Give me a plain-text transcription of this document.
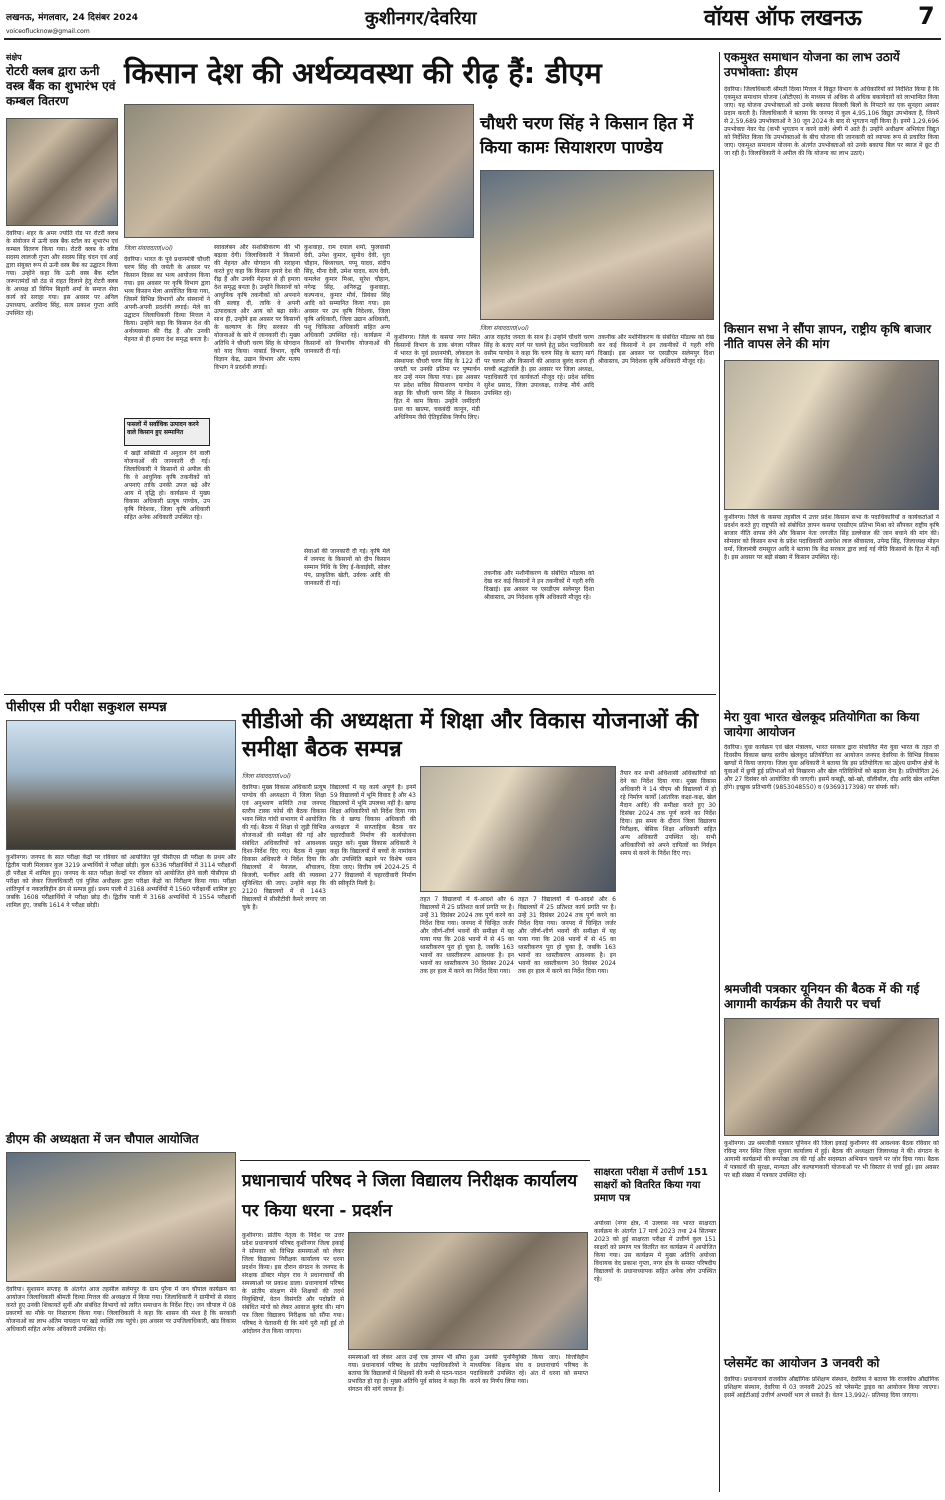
लखनऊ, मंगलवार, 24 दिसंबर 2024
voiceoflucknow@gmail.com
कुशीनगर/देवरिया	वॉयस ऑफ लखनऊ 7
संक्षेप
रोटरी क्लब द्वारा ऊनी वस्त्र बैंक का शुभारंभ एवं कम्बल वितरण
देवरिया। शहर के अमर ज्योति रोड पर रोटरी क्लब के संयोजन में ऊनी वस्त्र बैंक स्टॉल का शुभारंभ एवं कम्बल वितरण किया गया। रोटरी क्लब के वरिष्ठ सदस्य लालजी गुप्ता और सदस्य सिंह चंदन एवं आई द्वारा संयुक्त रूप से ऊनी वस्त्र बैंक का उद्घाटन किया गया। उन्होंने कहा कि ऊनी वस्त्र बैंक स्टॉल जरूरतमंदों को ठंड से राहत दिलाने हेतु रोटरी क्लब के अध्यक्ष डॉ विपिन बिहारी शर्मा के समाज सेवा कार्य को सराहा गया। इस अवसर पर अनिल उपाध्याय, अरविन्द सिंह, सत्य प्रकाश गुप्ता आदि उपस्थित रहे।
किसान देश की अर्थव्यवस्था की रीढ़ हैं: डीएम
चौधरी चरण सिंह ने किसान हित में किया कामः सियाशरण पाण्डेय
जिला संवाददाता(vol)
देवरिया। भारत के पूर्व प्रधानमंत्री चौधरी चरण सिंह की जयंती के अवसर पर किसान दिवस का भव्य आयोजन किया गया। इस अवसर पर कृषि विभाग द्वारा भव्य किसान मेला आयोजित किया गया, जिसमें विभिन्न विभागों और संस्थानों ने अपनी-अपनी प्रदर्शनी लगाई। मेले का उद्घाटन जिलाधिकारी दिव्या मित्तल ने किया। उन्होंने कहा कि किसान देश की अर्थव्यवस्था की रीढ़ हैं और उनकी मेहनत से ही हमारा देश समृद्ध बनता है।
फसलों में सर्वाधिक उत्पादन करने वाले किसान हुए सम्मानित
में खड़ी सब्सिडी में अनुदान देने वाली योजनाओं की जानकारी दी गई। जिलाधिकारी ने किसानों से अपील की कि वे आधुनिक कृषि तकनीकों को अपनाएं ताकि उनकी उपज बढ़े और आय में वृद्धि हो। कार्यक्रम में मुख्य विकास अधिकारी प्रत्यूष पाण्डेय, उप कृषि निदेशक, जिला कृषि अधिकारी सहित अनेक अधिकारी उपस्थित रहे।
स्वावलंबन और सशक्तिकरण की भी बढ़ावा देगी। जिलाधिकारी ने किसानों की मेहनत और योगदान की सराहना करते हुए कहा कि किसान हमारे देश की रीढ़ हैं और उनकी मेहनत से ही हमारा देश समृद्ध बनता है। उन्होंने किसानों को आधुनिक कृषि तकनीकों को अपनाने की सलाह दी, ताकि वे अपनी उत्पादकता और आय को बढ़ा सकें। साथ ही, उन्होंने इस अवसर पर किसानों के कल्याण के लिए सरकार की योजनाओं के बारे में जानकारी दी। मुख्य अतिथि ने चौधरी चरण सिंह के योगदान को याद किया। नाबार्ड विभाग, कृषि विज्ञान केंद्र, उद्यान विभाग और मत्स्य विभाग ने प्रदर्शनी लगाई।
कुशवाहा, राम दयाल शर्मा, फुलवासी देवी, उमेश कुमार, सुमोध देवी, धुरा चौहान, बिंध्याचल, पप्पू यादव, संदीप सिंह, मीना देवी, उमेश यादव, सत्य देवी, कमलेश कुमार मिश्रा, सुरेश चौहान, नगेन्द्र सिंह, अनिरुद्ध कुशवाहा, कल्पनाथ, कुमार मौर्य, प्रियंका सिंह आदि को सम्मानित किया गया। इस अवसर पर उप कृषि निदेशक, जिला कृषि अधिकारी, जिला उद्यान अधिकारी, पशु चिकित्सा अधिकारी सहित अन्य अधिकारी उपस्थित रहे। कार्यक्रम में किसानों को विभागीय योजनाओं की जानकारी दी गई।
सेवाओं की जानकारी दी गई। कृषि मेले में जनपद के किसानों को दीप किसान सम्मान निधि के लिए ई-केवाईसी, सोलर पंप, प्राकृतिक खेती, उर्वरक आदि की जानकारी दी गई।
जिला संवाददाता(vol)
कुशीनगर। जिले के कसया नगर स्थित किसानों विभाग के डाक बंगला परिसर में भारत के पूर्व प्रधानमंत्री, लोकदल के संस्थापक चौधरी चरण सिंह के 122 वीं जयंती पर उनकी प्रतिमा पर पुष्पार्चन कर उन्हें नमन किया गया। इस अवसर पर प्रदेश सचिव सियाशरण पाण्डेय ने कहा कि चौधरी चरण सिंह ने किसान हित में काम किया। उन्होंने जमींदारी प्रथा का खात्मा, चकबंदी कानून, मंडी अधिनियम जैसे ऐतिहासिक निर्णय लिए।
आज राहतेद जनता के साथ है। उन्होंने चौधरी चरण सिंह के बताए मार्ग पर चलने हेतु प्रदेश पदाधिकारी वसीम पाण्डेय ने कहा कि चरण सिंह के बताए मार्ग पर चलना और किसानों की आवाज बुलंद करना ही सच्ची श्रद्धांजलि है। इस अवसर पर जिला अध्यक्ष, पदाधिकारी एवं कार्यकर्ता मौजूद रहे। प्रदेश सचिव सुरेश प्रसाद, जिला उपाध्यक्ष, राजेन्द्र मौर्य आदि उपस्थित रहे।
तकनीक और मशीनीकरण के संबंधित मॉडल्स को देख कर कई किसानों ने इन तकनीकों में गहरी रुचि दिखाई। इस अवसर पर एसडीएम सलेमपुर दिशा श्रीवास्तव, उप निदेशक कृषि अधिकारी मौजूद रहे।
तकनीक और मशीनीकरण के संबंधित मॉडल्स को देख कर कई किसानों ने इन तकनीकों में गहरी रुचि दिखाई। इस अवसर पर एसडीएम सलेमपुर दिशा श्रीवास्तव, उप निदेशक कृषि अधिकारी मौजूद रहे।
एकमुश्त समाधान योजना का लाभ उठायें उपभोक्ता: डीएम
देवरिया। जिलाधिकारी श्रीमती दिव्या मित्तल ने विद्युत विभाग के अधिकारियों को निर्देशित किया है कि एकमुश्त समाधान योजना (ओटीएस) के माध्यम से अधिक से अधिक बकायेदारों को लाभान्वित किया जाए। यह योजना उपभोक्ताओं को उनके बकाया बिजली बिलों के निपटारे का एक सुनहरा अवसर प्रदान करती है। जिलाधिकारी ने बताया कि जनपद में कुल 4,95,106 विद्युत उपभोक्ता हैं, जिनमें से 2,59,689 उपभोक्ताओं ने 30 जून 2024 के बाद से भुगतान नहीं किया है। इनमें 1,29,696 उपभोक्ता नेवर पेड (कभी भुगतान न करने वाले) श्रेणी में आते हैं। उन्होंने अधीक्षण अभियंता विद्युत को निर्देशित किया कि उपभोक्ताओं के बीच योजना की जानकारी को व्यापक रूप से प्रचारित किया जाए। एकमुश्त समाधान योजना के अंतर्गत उपभोक्ताओं को उनके बकाया बिल पर ब्याज में छूट दी जा रही है। जिलाधिकारी ने अपील की कि योजना का लाभ उठाएं।
किसान सभा ने सौंपा ज्ञापन, राष्ट्रीय कृषि बाजार नीति वापस लेने की मांग
कुशीनगर। जिले के कसया तहसील में उत्तर प्रदेश किसान सभा के पदाधिकारियों व कार्यकर्ताओं ने प्रदर्शन करते हुए राष्ट्रपति को संबोधित ज्ञापन कसया एसडीएम प्रतिभा मिश्रा को सौंपकर राष्ट्रीय कृषि बाजार नीति वापस लेने और किसान नेता जगजीत सिंह डल्लेवाल की जान बचाने की मांग की। सोमवार को किसान सभा के प्रदेश पदाधिकारी अवधेश लाल श्रीवास्तव, उपेन्द्र सिंह, जिलाध्यक्ष मोहन वर्मा, जिलामंत्री रामसूरत आदि ने बताया कि केंद्र सरकार द्वारा लाई गई नीति किसानों के हित में नहीं है। इस अवसर पर बड़ी संख्या में किसान उपस्थित रहे।
मेरा युवा भारत खेलकूद प्रतियोगिता का किया जायेगा आयोजन
देवरिया। युवा कार्यक्रम एवं खेल मंत्रालय, भारत सरकार द्वारा संचालित मेरा युवा भारत के तहत दो दिवसीय विकास खण्ड स्तरीय खेलकूद प्रतियोगिता का आयोजन जनपद देवरिया के विभिन्न विकास खण्डों में किया जाएगा। जिला युवा अधिकारी ने बताया कि इस प्रतियोगिता का उद्देश्य ग्रामीण क्षेत्रों के युवाओं में छुपी हुई प्रतिभाओं को निखारना और खेल गतिविधियों को बढ़ावा देना है। प्रतियोगिता 26 और 27 दिसंबर को आयोजित की जाएगी। इसमें कबड्डी, खो-खो, वॉलीबॉल, दौड़ आदि खेल शामिल होंगे। इच्छुक प्रतिभागी (9853048550) व (9369317398) पर संपर्क करें।
श्रमजीवी पत्रकार यूनियन की बैठक में की गई आगामी कार्यक्रम की तैयारी पर चर्चा
कुशीनगर। उप्र श्रमजीवी पत्रकार यूनियन की जिला इकाई कुशीनगर की आवश्यक बैठक रविवार को रविन्द्र नगर स्थित जिला सूचना कार्यालय में हुई। बैठक की अध्यक्षता जिलाध्यक्ष ने की। संगठन के आगामी कार्यक्रमों की रूपरेखा तय की गई और सदस्यता अभियान चलाने पर जोर दिया गया। बैठक में पत्रकारों की सुरक्षा, मान्यता और कल्याणकारी योजनाओं पर भी विस्तार से चर्चा हुई। इस अवसर पर बड़ी संख्या में पत्रकार उपस्थित रहे।
प्लेसमेंट का आयोजन 3 जनवरी को
देवरिया। प्रधानाचार्य राजकीय औद्योगिक प्रशिक्षण संस्थान, देवरिया ने बताया कि राजकीय औद्योगिक प्रशिक्षण संस्थान, देवरिया में 03 जनवरी 2025 को प्लेसमेंट ड्राइव का आयोजन किया जाएगा। इसमें आईटीआई उत्तीर्ण अभ्यर्थी भाग ले सकते हैं। वेतन 13,992/- प्रतिमाह दिया जाएगा।
पीसीएस प्री परीक्षा सकुशल सम्पन्न
कुशीनगर। जनपद के सात परीक्षा केंद्रों पर रविवार को आयोजित पूर्व पीसीएस प्री परीक्षा के प्रथम और द्वितीय पाली मिलाकर कुल 3219 अभ्यर्थियों ने परीक्षा छोड़ी। कुल 6336 परीक्षार्थियों में 3114 परीक्षार्थी ही परीक्षा में शामिल हुए। जनपद के सात परीक्षा केन्द्रों पर रविवार को आयोजित होने वाली पीसीएस प्री परीक्षा को लेकर जिलाधिकारी एवं पुलिस अधीक्षक द्वारा परीक्षा केंद्रों का निरीक्षण किया गया। परीक्षा शांतिपूर्ण व नकलविहीन ढंग से सम्पन्न हुई। प्रथम पाली में 3168 अभ्यर्थियों में 1560 परीक्षार्थी शामिल हुए जबकि 1608 परीक्षार्थियों ने परीक्षा छोड़ दी। द्वितीय पाली में 3168 अभ्यर्थियों में 1554 परीक्षार्थी शामिल हुए, जबकि 1614 ने परीक्षा छोड़ी।
डीएम की अध्यक्षता में जन चौपाल आयोजित
देवरिया। सुशासन सप्ताह के अंतर्गत आज तहसील सलेमपुर के ग्राम पुरैना में जन चौपाल कार्यक्रम का आयोजन जिलाधिकारी श्रीमती दिव्या मित्तल की अध्यक्षता में किया गया। जिलाधिकारी ने ग्रामीणों से संवाद करते हुए उनकी शिकायतें सुनीं और संबंधित विभागों को त्वरित समाधान के निर्देश दिए। जन चौपाल में 08 प्रकरणों का मौके पर निस्तारण किया गया। जिलाधिकारी ने कहा कि शासन की मंशा है कि सरकारी योजनाओं का लाभ अंतिम पायदान पर खड़े व्यक्ति तक पहुंचे। इस अवसर पर उपजिलाधिकारी, खंड विकास अधिकारी सहित अनेक अधिकारी उपस्थित रहे।
सीडीओ की अध्यक्षता में शिक्षा और विकास योजनाओं की समीक्षा बैठक सम्पन्न
जिला संवाददाता(vol)
देवरिया। मुख्य विकास अधिकारी प्रत्यूष पाण्डेय की अध्यक्षता में जिला शिक्षा एवं अनुश्रवण समिति तथा जनपद स्तरीय टास्क फोर्स की बैठक विकास भवन स्थित गांधी सभागार में आयोजित की गई। बैठक में शिक्षा से जुड़ी विभिन्न योजनाओं की समीक्षा की गई और संबंधित अधिकारियों को आवश्यक दिशा-निर्देश दिए गए। बैठक में मुख्य विकास अधिकारी ने निर्देश दिया कि विद्यालयों में पेयजल, शौचालय, बिजली, फर्नीचर आदि की व्यवस्था सुनिश्चित की जाए। उन्होंने कहा कि 2120 विद्यालयों में से 1443 विद्यालयों में सीसीटीवी कैमरे लगाए जा चुके हैं।
विद्यालयों में यह कार्य अपूर्ण है। इनमें 59 विद्यालयों में भूमि विवाद है और 43 विद्यालयों में भूमि उपलब्ध नहीं है। खण्ड शिक्षा अधिकारियों को निर्देश दिया गया कि वे खण्ड विकास अधिकारी की अध्यक्षता में साप्ताहिक बैठक कर चहारदीवारी निर्माण की कार्ययोजना प्रस्तुत करें। मुख्य विकास अधिकारी ने कहा कि विद्यालयों में बच्चों के नामांकन और उपस्थिति बढ़ाने पर विशेष ध्यान दिया जाए। वित्तीय वर्ष 2024-25 में 277 विद्यालयों में चहारदीवारी निर्माण की स्वीकृति मिली है।
तहत 7 विद्यालयों में ये-आदर्श और 6 विद्यालयों में 25 प्रतिशत कार्य प्रगति पर है। उन्हें 31 दिसंबर 2024 तक पूर्ण करने का निर्देश दिया गया। जनपद में चिन्हित जर्जर और जीर्ण-शीर्ण भवनों की समीक्षा में यह पाया गया कि 208 भवनों में से 45 का ध्वस्तीकरण पूरा हो चुका है, जबकि 163 भवनों का ध्वस्तीकरण आवश्यक है। इन भवनों का ध्वस्तीकरण 30 दिसंबर 2024 तक हर हाल में करने का निर्देश दिया गया।
तहत 7 विद्यालयों में ये-आदर्श और 6 विद्यालयों में 25 प्रतिशत कार्य प्रगति पर है। उन्हें 31 दिसंबर 2024 तक पूर्ण करने का निर्देश दिया गया। जनपद में चिन्हित जर्जर और जीर्ण-शीर्ण भवनों की समीक्षा में यह पाया गया कि 208 भवनों में से 45 का ध्वस्तीकरण पूरा हो चुका है, जबकि 163 भवनों का ध्वस्तीकरण आवश्यक है। इन भवनों का ध्वस्तीकरण 30 दिसंबर 2024 तक हर हाल में करने का निर्देश दिया गया।
तैयार कर सभी अधिशासी अधिकारियों को देने का निर्देश दिया गया। मुख्य विकास अधिकारी ने 14 पीएम श्री विद्यालयों में हो रहे निर्माण कार्यों (आंतरिक कक्षा-कक्ष, खेल मैदान आदि) की समीक्षा करते हुए 30 दिसंबर 2024 तक पूर्ण करने का निर्देश दिया। इस समय के दौरान जिला विद्यालय निरीक्षक, बेसिक शिक्षा अधिकारी सहित अन्य अधिकारी उपस्थित रहे। सभी अधिकारियों को अपने दायित्वों का निर्वहन समय से करने के निर्देश दिए गए।
प्रधानाचार्य परिषद ने जिला विद्यालय निरीक्षक कार्यालय पर किया धरना - प्रदर्शन
कुशीनगर। प्रांतीय नेतृत्व के निर्देश पर उत्तर प्रदेश प्रधानाचार्य परिषद कुशीनगर जिला इकाई ने सोमवार को विभिन्न समस्याओं को लेकर जिला विद्यालय निरीक्षक कार्यालय पर धरना प्रदर्शन किया। इस दौरान संगठन के जनपद के संरक्षक डॉक्टर मोहन राव ने प्रधानाचार्यों की समस्याओं पर प्रकाश डाला। प्रधानाचार्य परिषद के प्रांतीय संरक्षण मेंने शिक्षकों की तदर्थ नियुक्तियों, वेतन विसंगति और पदोन्नति से संबंधित मांगों को लेकर आवाज बुलंद की। मांग पत्र जिला विद्यालय निरीक्षक को सौंपा गया। परिषद ने चेतावनी दी कि मांगें पूरी नहीं हुईं तो आंदोलन तेज किया जाएगा।
समस्याओं को लेकर आज उन्हें एक ज्ञापन भी सौंपा गया। प्रधानाचार्य परिषद के प्रांतीय पदाधिकारियों ने बताया कि विद्यालयों में शिक्षकों की कमी से पठन-पाठन प्रभावित हो रहा है। मुख्य अतिथि पूर्व सांसद ने कहा कि संगठन की मांगें जायज हैं।
हुआ उनकी पुनर्नियुक्ति किया जाए। वित्तविहीन माध्यमिक शिक्षक संघ व प्रधानाचार्य परिषद के पदाधिकारी उपस्थित रहे। अंत में धरना को समाप्त करने का निर्णय लिया गया।
साक्षरता परीक्षा में उत्तीर्ण 151 साक्षरों को वितरित किया गया प्रमाण पत्र
अयोध्या (नगर क्षेत्र, में उल्लास नव भारत साक्षरता कार्यक्रम के अंतर्गत 17 मार्च 2023 तथा 24 सितम्बर 2023 को हुई साक्षरता परीक्षा में उत्तीर्ण कुल 151 साक्षरों को प्रमाण पत्र वितरित कर कार्यक्रम में आयोजित किया गया। उस कार्यक्रम में मुख्य अतिथि अयोध्या विधायक वेद प्रकाश गुप्ता, नगर क्षेत्र के समस्त परिषदीय विद्यालयों के प्रधानाध्यापक सहित अनेक लोग उपस्थित रहे।
